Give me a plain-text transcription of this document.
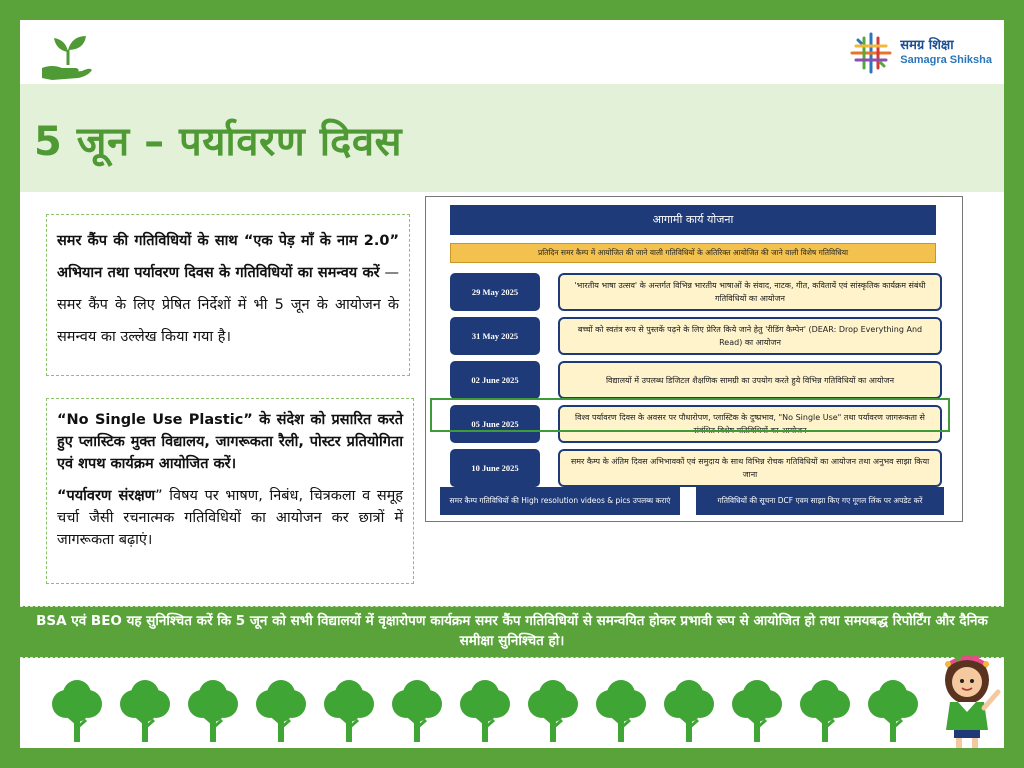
समग्र शिक्षा
Samagra Shiksha
5 जून – पर्यावरण दिवस
समर कैंप की गतिविधियों के साथ “एक पेड़ माँ के नाम 2.0” अभियान तथा पर्यावरण दिवस के गतिविधियों का समन्वय करें — समर कैंप के लिए प्रेषित निर्देशों में भी 5 जून के आयोजन के समन्वय का उल्लेख किया गया है।

“No Single Use Plastic” के संदेश को प्रसारित करते हुए प्लास्टिक मुक्त विद्यालय, जागरूकता रैली, पोस्टर प्रतियोगिता एवं शपथ कार्यक्रम आयोजित करें।

“पर्यावरण संरक्षण” विषय पर भाषण, निबंध, चित्रकला व समूह चर्चा जैसी रचनात्मक गतिविधियों का आयोजन कर छात्रों में जागरूकता बढ़ाएं।

आगामी कार्य योजना
प्रतिदिन समर कैम्प में आयोजित की जाने वाली गतिविधियों के अतिरिक्त आयोजित की जाने वाली विशेष गतिविधिया
29 May 2025
'भारतीय भाषा उत्सव' के अन्तर्गत विभिन्न भारतीय भाषाओं के संवाद, नाटक, गीत, कवितायें एवं सांस्कृतिक कार्यक्रम संबंधी गतिविधियों का आयोजन
31 May 2025
बच्चों को स्वतंत्र रूप से पुस्तकें पढ़ने के लिए प्रेरित किये जाने हेतु 'रीडिंग कैम्पेन' (DEAR: Drop Everything And Read) का आयोजन
02 June 2025	विद्यालयों में उपलब्ध डिजिटल शैक्षणिक सामग्री का उपयोग करते हुये विभिन्न गतिविधियों का आयोजन
05 June 2025
विश्व पर्यावरण दिवस के अवसर पर पौधारोपण, प्लास्टिक के दुष्प्रभाव, "No Single Use" तथा पर्यावरण जागरूकता से संबंधित विशेष गतिविधियों का आयोजन
10 June 2025
समर कैम्प के अंतिम दिवस अभिभावकों एवं समुदाय के साथ विभिन्न रोचक गतिविधियों का आयोजन तथा अनुभव साझा किया जाना
समर कैम्प गतिविधियों की High resolution videos & pics उपलब्ध कराएं	गतिविधियों की सूचना DCF एवम साझा किए गए गूगल लिंक पर अपडेट करें
BSA एवं BEO यह सुनिश्चित करें कि 5 जून को सभी विद्यालयों में वृक्षारोपण कार्यक्रम समर कैंप गतिविधियों से समन्वयित होकर प्रभावी रूप से आयोजित हो तथा समयबद्ध रिपोर्टिंग और दैनिक समीक्षा सुनिश्चित हो।
